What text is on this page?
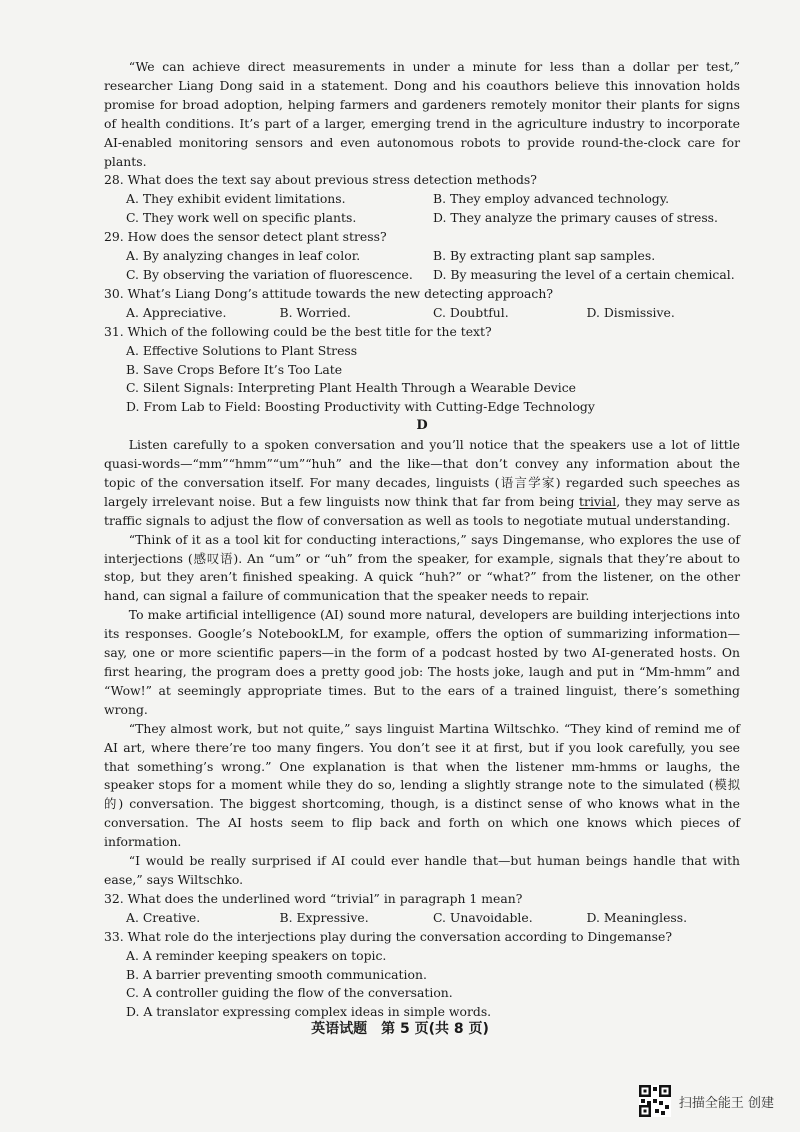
“We can achieve direct measurements in under a minute for less than a dollar per test,” researcher Liang Dong said in a statement. Dong and his coauthors believe this innovation holds promise for broad adoption, helping farmers and gardeners remotely monitor their plants for signs of health conditions. It’s part of a larger, emerging trend in the agriculture industry to incorporate AI-enabled monitoring sensors and even autonomous robots to provide round-the-clock care for plants.

28. What does the text say about previous stress detection methods?

A. They exhibit evident limitations.	B. They employ advanced technology.
C. They work well on specific plants.	D. They analyze the primary causes of stress.

29. How does the sensor detect plant stress?

A. By analyzing changes in leaf color.	B. By extracting plant sap samples.
C. By observing the variation of fluorescence.	D. By measuring the level of a certain chemical.

30. What’s Liang Dong’s attitude towards the new detecting approach?

A. Appreciative.	B. Worried.	C. Doubtful.	D. Dismissive.

31. Which of the following could be the best title for the text?

A. Effective Solutions to Plant Stress
B. Save Crops Before It’s Too Late
C. Silent Signals: Interpreting Plant Health Through a Wearable Device
D. From Lab to Field: Boosting Productivity with Cutting-Edge Technology

D

Listen carefully to a spoken conversation and you’ll notice that the speakers use a lot of little quasi-words—“mm”“hmm”“um”“huh” and the like—that don’t convey any information about the topic of the conversation itself. For many decades, linguists (语言学家) regarded such speeches as largely irrelevant noise. But a few linguists now think that far from being trivial, they may serve as traffic signals to adjust the flow of conversation as well as tools to negotiate mutual understanding.

“Think of it as a tool kit for conducting interactions,” says Dingemanse, who explores the use of interjections (感叹语). An “um” or “uh” from the speaker, for example, signals that they’re about to stop, but they aren’t finished speaking. A quick “huh?” or “what?” from the listener, on the other hand, can signal a failure of communication that the speaker needs to repair.

To make artificial intelligence (AI) sound more natural, developers are building interjections into its responses. Google’s NotebookLM, for example, offers the option of summarizing information—say, one or more scientific papers—in the form of a podcast hosted by two AI-generated hosts. On first hearing, the program does a pretty good job: The hosts joke, laugh and put in “Mm-hmm” and “Wow!” at seemingly appropriate times. But to the ears of a trained linguist, there’s something wrong.

“They almost work, but not quite,” says linguist Martina Wiltschko. “They kind of remind me of AI art, where there’re too many fingers. You don’t see it at first, but if you look carefully, you see that something’s wrong.” One explanation is that when the listener mm-hmms or laughs, the speaker stops for a moment while they do so, lending a slightly strange note to the simulated (模拟的) conversation. The biggest shortcoming, though, is a distinct sense of who knows what in the conversation. The AI hosts seem to flip back and forth on which one knows which pieces of information.

“I would be really surprised if AI could ever handle that—but human beings handle that with ease,” says Wiltschko.

32. What does the underlined word “trivial” in paragraph 1 mean?

A. Creative.	B. Expressive.	C. Unavoidable.	D. Meaningless.

33. What role do the interjections play during the conversation according to Dingemanse?

A. A reminder keeping speakers on topic.
B. A barrier preventing smooth communication.
C. A controller guiding the flow of the conversation.
D. A translator expressing complex ideas in simple words.
英语试题　第 5 页(共 8 页)
扫描全能王 创建
